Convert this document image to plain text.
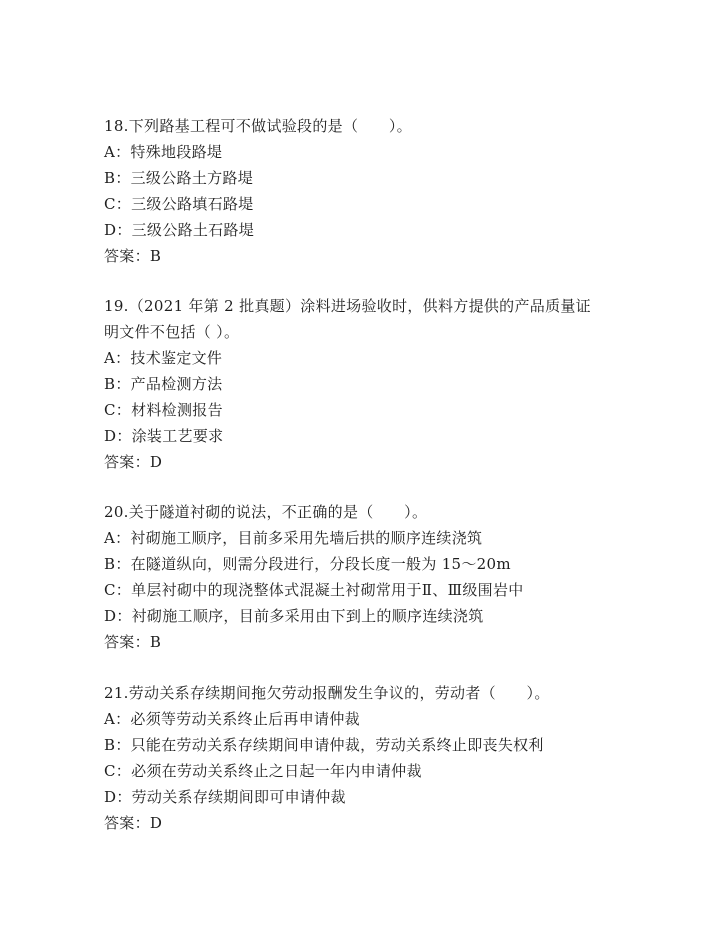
18.下列路基工程可不做试验段的是（　　）。
A：特殊地段路堤
B：三级公路土方路堤
C：三级公路填石路堤
D：三级公路土石路堤
答案：B
19.（2021 年第 2 批真题）涂料进场验收时，供料方提供的产品质量证
明文件不包括（ ）。
A：技术鉴定文件
B：产品检测方法
C：材料检测报告
D：涂装工艺要求
答案：D
20.关于隧道衬砌的说法，不正确的是（　　）。
A：衬砌施工顺序，目前多采用先墙后拱的顺序连续浇筑
B：在隧道纵向，则需分段进行，分段长度一般为 15～20m
C：单层衬砌中的现浇整体式混凝土衬砌常用于Ⅱ、Ⅲ级围岩中
D：衬砌施工顺序，目前多采用由下到上的顺序连续浇筑
答案：B
21.劳动关系存续期间拖欠劳动报酬发生争议的，劳动者（　　）。
A：必须等劳动关系终止后再申请仲裁
B：只能在劳动关系存续期间申请仲裁，劳动关系终止即丧失权利
C：必须在劳动关系终止之日起一年内申请仲裁
D：劳动关系存续期间即可申请仲裁
答案：D
